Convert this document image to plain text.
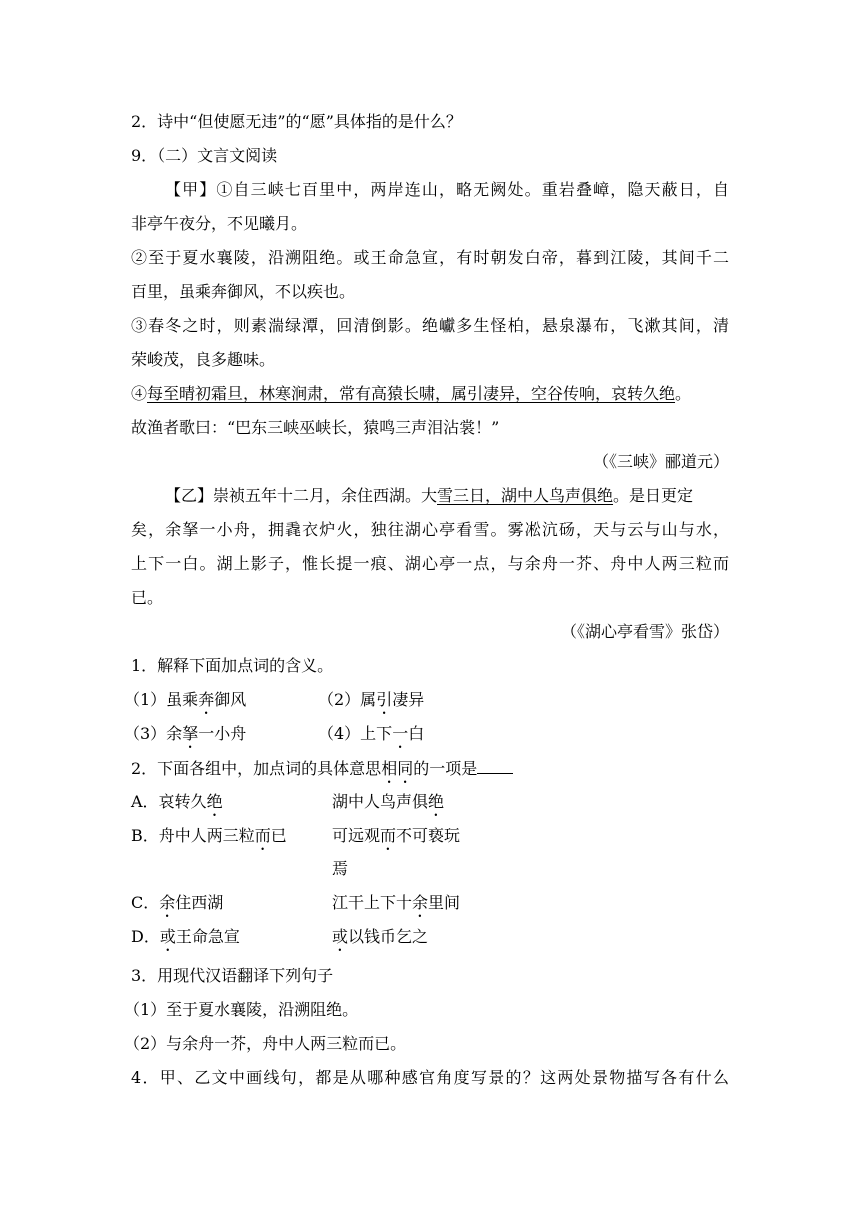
2．诗中“但使愿无违”的“愿”具体指的是什么？
9．（二）文言文阅读
【甲】①自三峡七百里中，两岸连山，略无阙处。重岩叠嶂，隐天蔽日，自
非亭午夜分，不见曦月。
②至于夏水襄陵，沿溯阻绝。或王命急宣，有时朝发白帝，暮到江陵，其间千二
百里，虽乘奔御风，不以疾也。
③春冬之时，则素湍绿潭，回清倒影。绝巘多生怪柏，悬泉瀑布，飞漱其间，清
荣峻茂，良多趣味。
④每至晴初霜旦，林寒涧肃，常有高猿长啸，属引凄异，空谷传响，哀转久绝。
故渔者歌曰：“巴东三峡巫峡长，猿鸣三声泪沾裳！”
（《三峡》郦道元）
【乙】崇祯五年十二月，余住西湖。大雪三日，湖中人鸟声俱绝。是日更定
矣，余拏一小舟，拥毳衣炉火，独往湖心亭看雪。雾凇沆砀，天与云与山与水，
上下一白。湖上影子，惟长提一痕、湖心亭一点，与余舟一芥、舟中人两三粒而
已。
（《湖心亭看雪》张岱）
1．解释下面加点词的含义。
（1）虽乘奔御风	（2）属引凄异
（3）余拏一小舟	（4）上下一白
2．下面各组中，加点词的具体意思相同的一项是
A．哀转久绝	湖中人鸟声俱绝
B．舟中人两三粒而已	可远观而不可亵玩
焉
C．余住西湖	江干上下十余里间
D．或王命急宣	或以钱币乞之
3．用现代汉语翻译下列句子
（1）至于夏水襄陵，沿溯阻绝。
（2）与余舟一芥，舟中人两三粒而已。
4．甲、乙文中画线句，都是从哪种感官角度写景的？这两处景物描写各有什么
